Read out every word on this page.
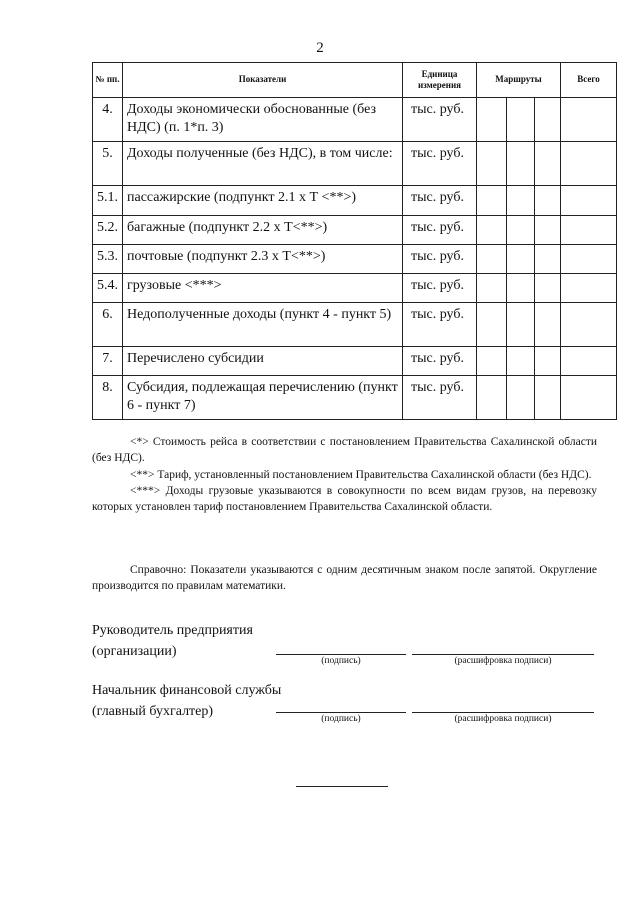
2
№ пп.	Показатели	Единица измерения	Маршруты			Всего
4.	Доходы экономически обоснованные (без НДС) (п. 1*п. 3)	тыс. руб.				
5.	Доходы полученные (без НДС), в том числе:	тыс. руб.				
5.1.	пассажирские (подпункт 2.1 х Т <**>)	тыс. руб.				
5.2.	багажные (подпункт 2.2 х Т<**>)	тыс. руб.				
5.3.	почтовые (подпункт 2.3 х Т<**>)	тыс. руб.				
5.4.	грузовые <***>	тыс. руб.				
6.	Недополученные доходы (пункт 4 - пункт 5)	тыс. руб.				
7.	Перечислено субсидии	тыс. руб.				
8.	Субсидия, подлежащая перечислению (пункт 6 - пункт 7)	тыс. руб.				

<*> Стоимость рейса в соответствии с постановлением Правительства Сахалинской области (без НДС).

<**> Тариф, установленный постановлением Правительства Сахалинской области (без НДС).

<***> Доходы грузовые указываются в совокупности по всем видам грузов, на перевозку которых установлен тариф постановлением Правительства Сахалинской области.

Справочно: Показатели указываются с одним десятичным знаком после запятой. Округление производится по правилам математики.

Руководитель предприятия
(организации)
(подпись)	(расшифровка подписи)
Начальник финансовой службы
(главный бухгалтер)	(подпись)	(расшифровка подписи)
